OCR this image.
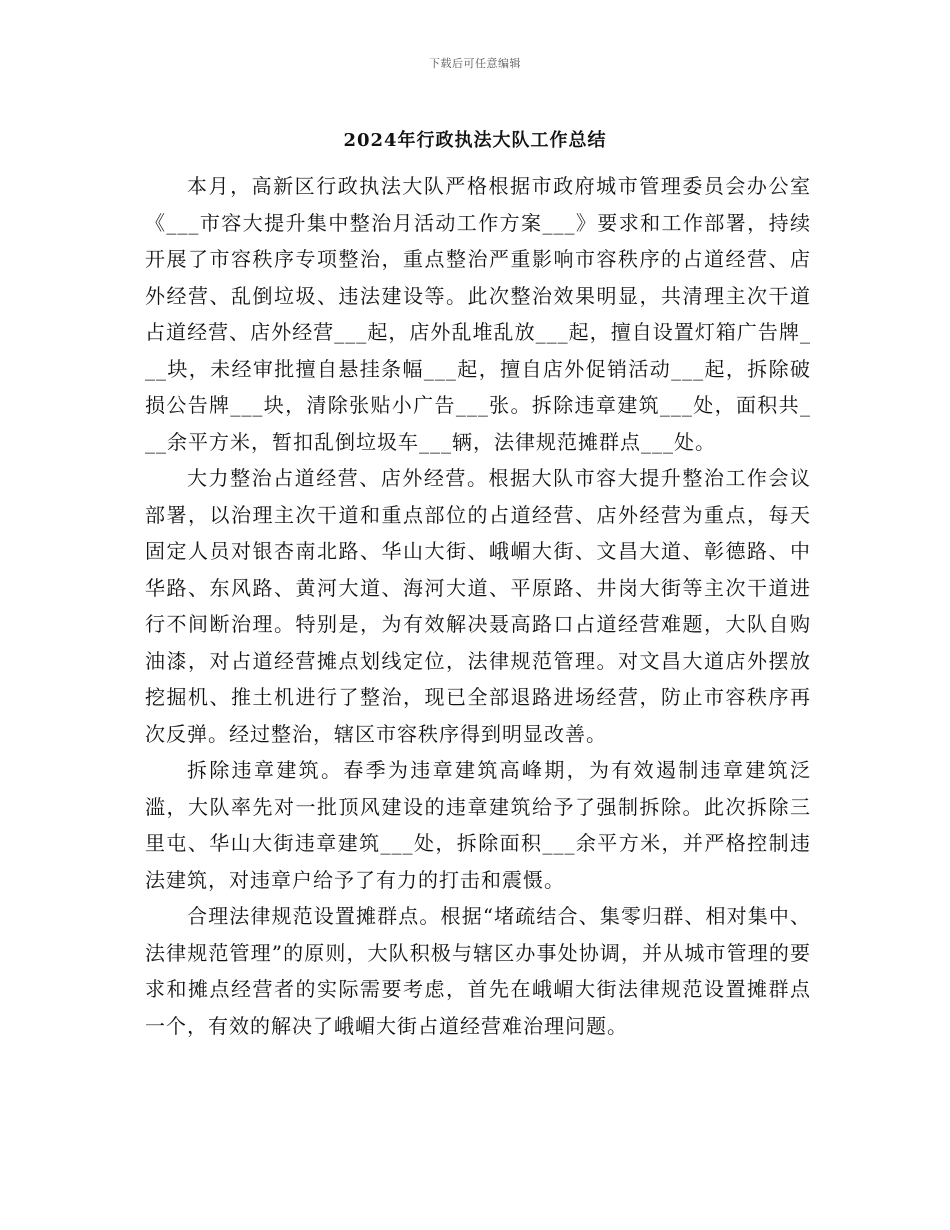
下载后可任意编辑
2024年行政执法大队工作总结

本月，高新区行政执法大队严格根据市政府城市管理委员会办公室《___市容大提升集中整治月活动工作方案___》要求和工作部署，持续开展了市容秩序专项整治，重点整治严重影响市容秩序的占道经营、店外经营、乱倒垃圾、违法建设等。此次整治效果明显，共清理主次干道占道经营、店外经营___起，店外乱堆乱放___起，擅自设置灯箱广告牌___块，未经审批擅自悬挂条幅___起，擅自店外促销活动___起，拆除破损公告牌___块，清除张贴小广告___张。拆除违章建筑___处，面积共___余平方米，暂扣乱倒垃圾车___辆，法律规范摊群点___处。

大力整治占道经营、店外经营。根据大队市容大提升整治工作会议部署，以治理主次干道和重点部位的占道经营、店外经营为重点，每天固定人员对银杏南北路、华山大街、峨嵋大街、文昌大道、彰德路、中华路、东风路、黄河大道、海河大道、平原路、井岗大街等主次干道进行不间断治理。特别是，为有效解决聂高路口占道经营难题，大队自购油漆，对占道经营摊点划线定位，法律规范管理。对文昌大道店外摆放挖掘机、推土机进行了整治，现已全部退路进场经营，防止市容秩序再次反弹。经过整治，辖区市容秩序得到明显改善。

拆除违章建筑。春季为违章建筑高峰期，为有效遏制违章建筑泛滥，大队率先对一批顶风建设的违章建筑给予了强制拆除。此次拆除三里屯、华山大街违章建筑___处，拆除面积___余平方米，并严格控制违法建筑，对违章户给予了有力的打击和震慑。

合理法律规范设置摊群点。根据“堵疏结合、集零归群、相对集中、法律规范管理”的原则，大队积极与辖区办事处协调，并从城市管理的要求和摊点经营者的实际需要考虑，首先在峨嵋大街法律规范设置摊群点一个，有效的解决了峨嵋大街占道经营难治理问题。
